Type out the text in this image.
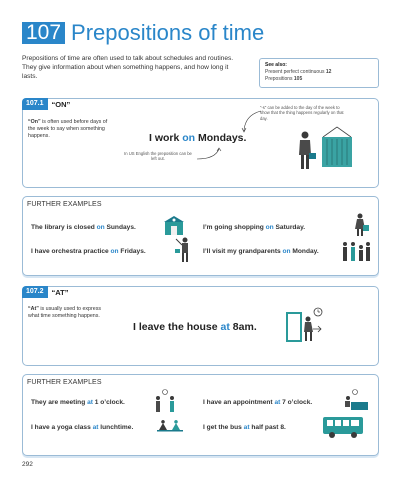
107 Prepositions of time
Prepositions of time are often used to talk about schedules and routines. They give information about when something happens, and how long it lasts.
See also:
Present perfect continuous 12
Prepositions 105
107.1	“ON”
“On” is often used before days of the week to say when something happens.
“-s” can be added to the day of the week to show that the thing happens regularly on that day.
I work on Mondays.
In US English the preposition can be left out.
FURTHER EXAMPLES
The library is closed on Sundays.	I’m going shopping on Saturday.
I have orchestra practice on Fridays.	I’ll visit my grandparents on Monday.
107.2	“AT”
“At” is usually used to express what time something happens.
I leave the house at 8am.
FURTHER EXAMPLES
They are meeting at 1 o’clock.	I have an appointment at 7 o’clock.
I have a yoga class at lunchtime.	I get the bus at half past 8.
292
